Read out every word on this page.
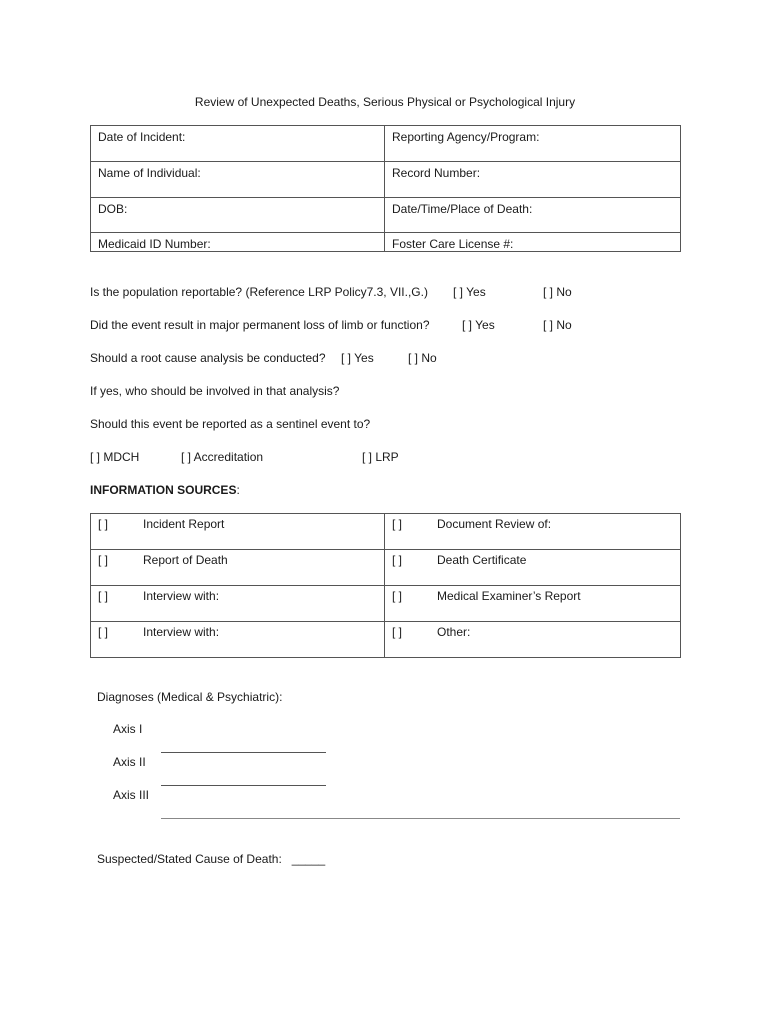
Review of Unexpected Deaths, Serious Physical or Psychological Injury
Date of Incident:	Reporting Agency/Program:
Name of Individual:	Record Number:
DOB:	Date/Time/Place of Death:
Medicaid ID Number:	Foster Care License #:
Is the population reportable? (Reference LRP Policy7.3, VII.,G.) [ ] Yes	[ ] No
Did the event result in major permanent loss of limb or function?	[ ] Yes	[ ] No
Should a root cause analysis be conducted? [ ] Yes	[ ] No
If yes, who should be involved in that analysis?
Should this event be reported as a sentinel event to?
[ ] MDCH	[ ] Accreditation	[ ] LRP
INFORMATION SOURCES:
[ ] Incident Report	[ ] Document Review of:
[ ] Report of Death	[ ] Death Certificate
[ ] Interview with:	[ ] Medical Examiner’s Report
[ ] Interview with:	[ ] Other:
Diagnoses (Medical & Psychiatric):
Axis I
Axis II
Axis III
Suspected/Stated Cause of Death: _____
